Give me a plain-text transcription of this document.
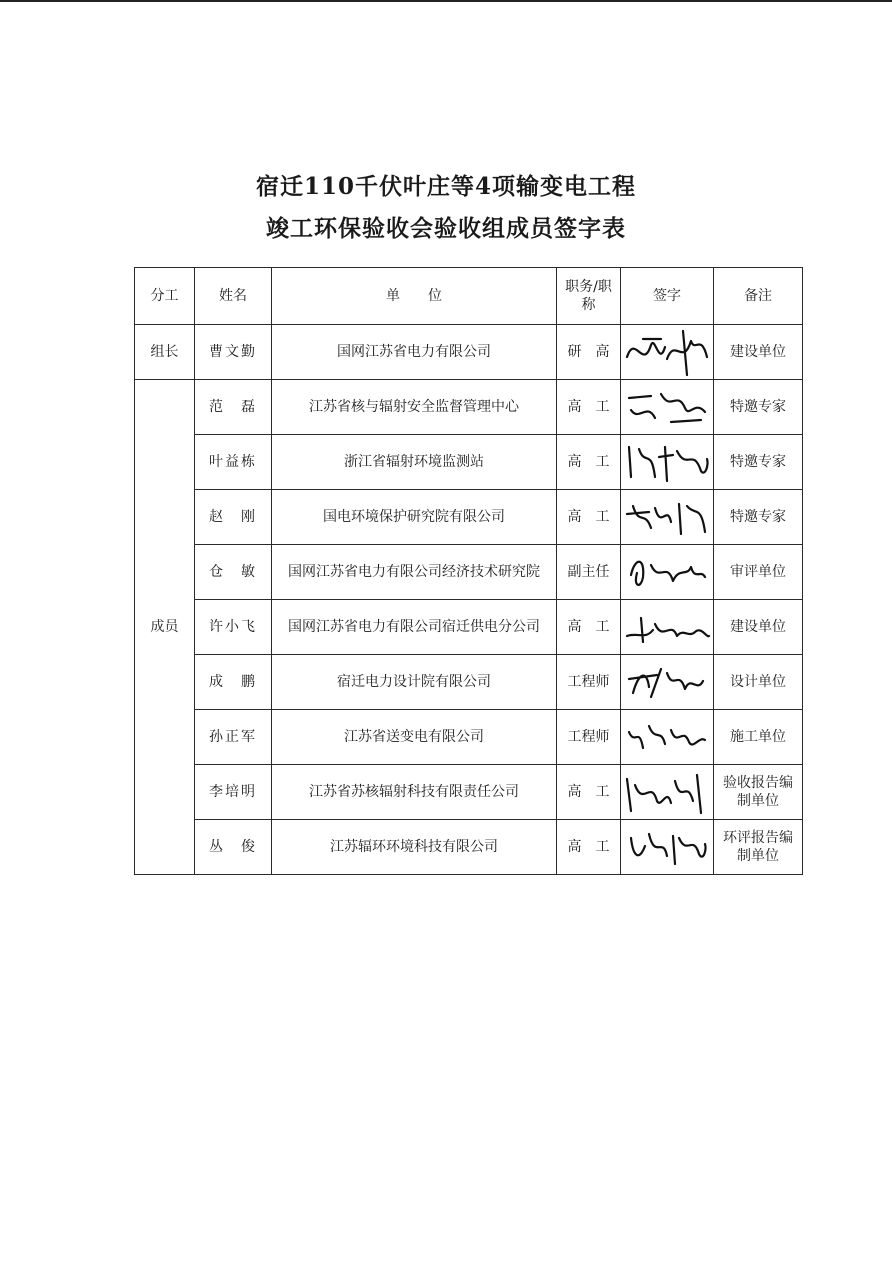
宿迁110千伏叶庄等4项输变电工程
竣工环保验收会验收组成员签字表
分工	姓名	单　　位	职务/职称	签字	备注
组长	曹文勤	国网江苏省电力有限公司	研　高		建设单位
成员	范　磊	江苏省核与辐射安全监督管理中心	高　工		特邀专家
	叶益栋	浙江省辐射环境监测站	高　工		特邀专家
	赵　刚	国电环境保护研究院有限公司	高　工		特邀专家
	仓　敏	国网江苏省电力有限公司经济技术研究院	副主任		审评单位
	许小飞	国网江苏省电力有限公司宿迁供电分公司	高　工		建设单位
	成　鹏	宿迁电力设计院有限公司	工程师		设计单位
	孙正军	江苏省送变电有限公司	工程师		施工单位
	李培明	江苏省苏核辐射科技有限责任公司	高　工		验收报告编制单位
	丛　俊	江苏辐环环境科技有限公司	高　工		环评报告编制单位
